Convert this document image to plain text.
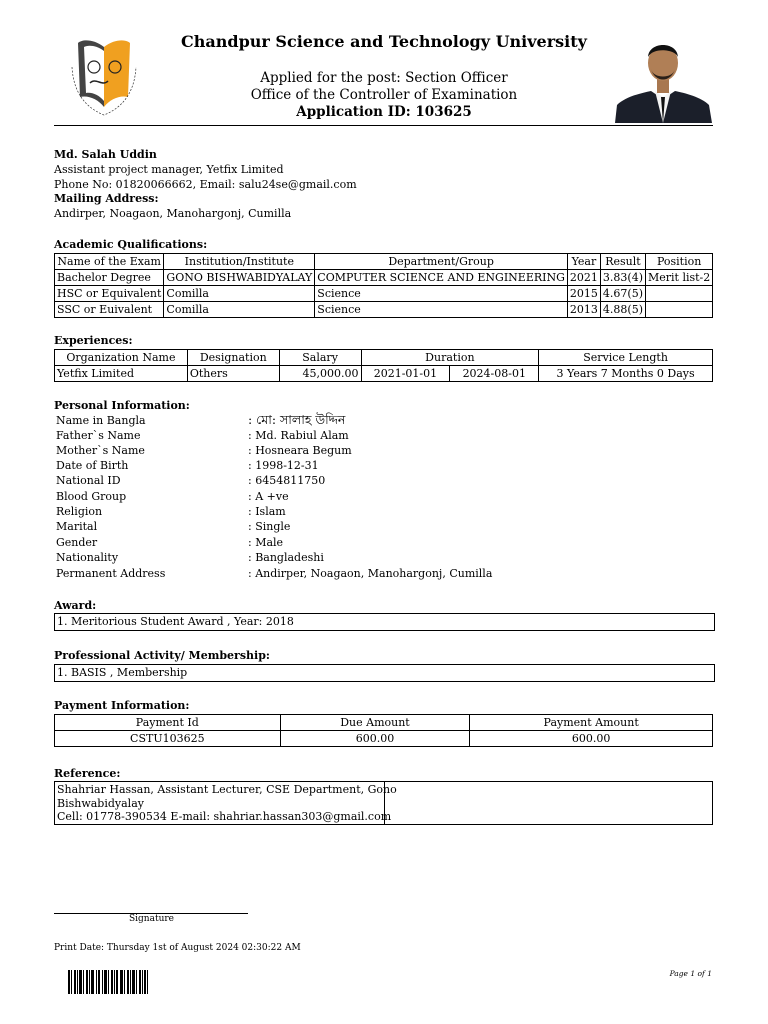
Chandpur Science and Technology University
Applied for the post: Section Officer
Office of the Controller of Examination
Application ID: 103625
Md. Salah Uddin
Assistant project manager, Yetfix Limited
Phone No: 01820066662, Email: salu24se@gmail.com
Mailing Address:
Andirper, Noagaon, Manohargonj, Cumilla
Academic Qualifications:
Name of the Exam	Institution/Institute	Department/Group	Year	Result	Position
Bachelor Degree	GONO BISHWABIDYALAY	COMPUTER SCIENCE AND ENGINEERING	2021	3.83(4)	Merit list-2
HSC or Equivalent	Comilla	Science	2015	4.67(5)	
SSC or Euivalent	Comilla	Science	2013	4.88(5)	
Experiences:
Organization Name	Designation	Salary	Duration		Service Length
Yetfix Limited	Others	45,000.00	2021-01-01	2024-08-01	3 Years 7 Months 0 Days
Personal Information:
Name in Bangla	: মো: সালাহ উদ্দিন
Father`s Name	: Md. Rabiul Alam
Mother`s Name	: Hosneara Begum
Date of Birth	: 1998-12-31
National ID	: 6454811750
Blood Group	: A +ve
Religion	: Islam
Marital	: Single
Gender	: Male
Nationality	: Bangladeshi
Permanent Address	: Andirper, Noagaon, Manohargonj, Cumilla
Award:
1. Meritorious Student Award , Year: 2018
Professional Activity/ Membership:
1. BASIS , Membership
Payment Information:
Payment Id	Due Amount	Payment Amount
CSTU103625	600.00	600.00
Reference:
Shahriar Hassan, Assistant Lecturer, CSE Department, Gono
Bishwabidyalay
Cell: 01778-390534 E-mail: shahriar.hassan303@gmail.com
Signature
Print Date: Thursday 1st of August 2024 02:30:22 AM
Page 1 of 1
